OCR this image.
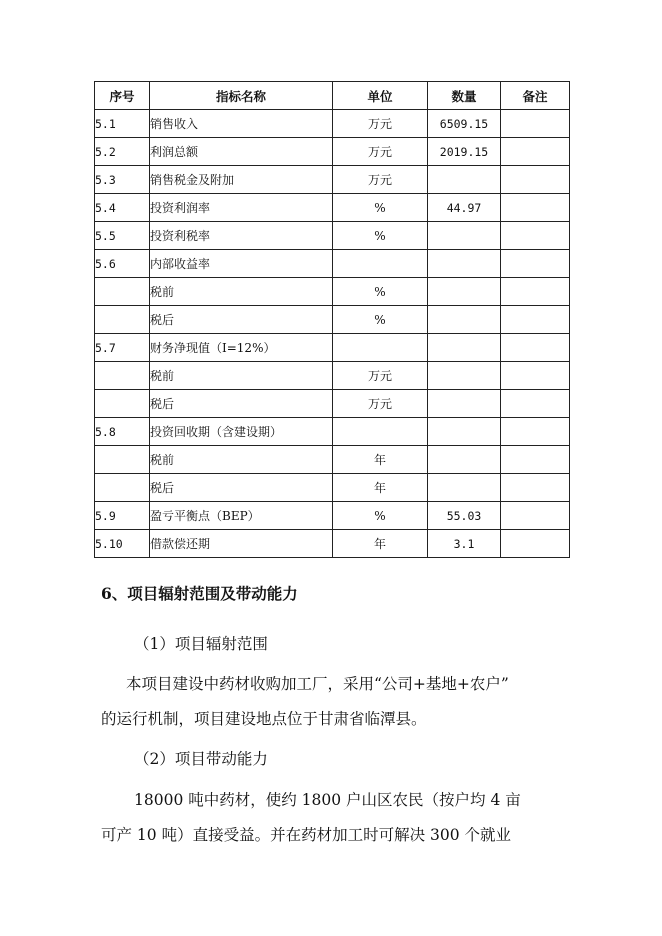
序号	指标名称	单位	数量	备注
5.1	销售收入	万元	6509.15	
5.2	利润总额	万元	2019.15	
5.3	销售税金及附加	万元		
5.4	投资利润率	%	44.97	
5.5	投资利税率	%		
5.6	内部收益率			
	税前	%		
	税后	%		
5.7	财务净现值（I=12%）			
	税前	万元		
	税后	万元		
5.8	投资回收期（含建设期）			
	税前	年		
	税后	年		
5.9	盈亏平衡点（BEP）	%	55.03	
5.10	借款偿还期	年	3.1	
6、项目辐射范围及带动能力
（1）项目辐射范围
本项目建设中药材收购加工厂，采用“公司+基地+农户”
的运行机制，项目建设地点位于甘肃省临潭县。
（2）项目带动能力
18000 吨中药材，使约 1800 户山区农民（按户均 4 亩
可产 10 吨）直接受益。并在药材加工时可解决 300 个就业
